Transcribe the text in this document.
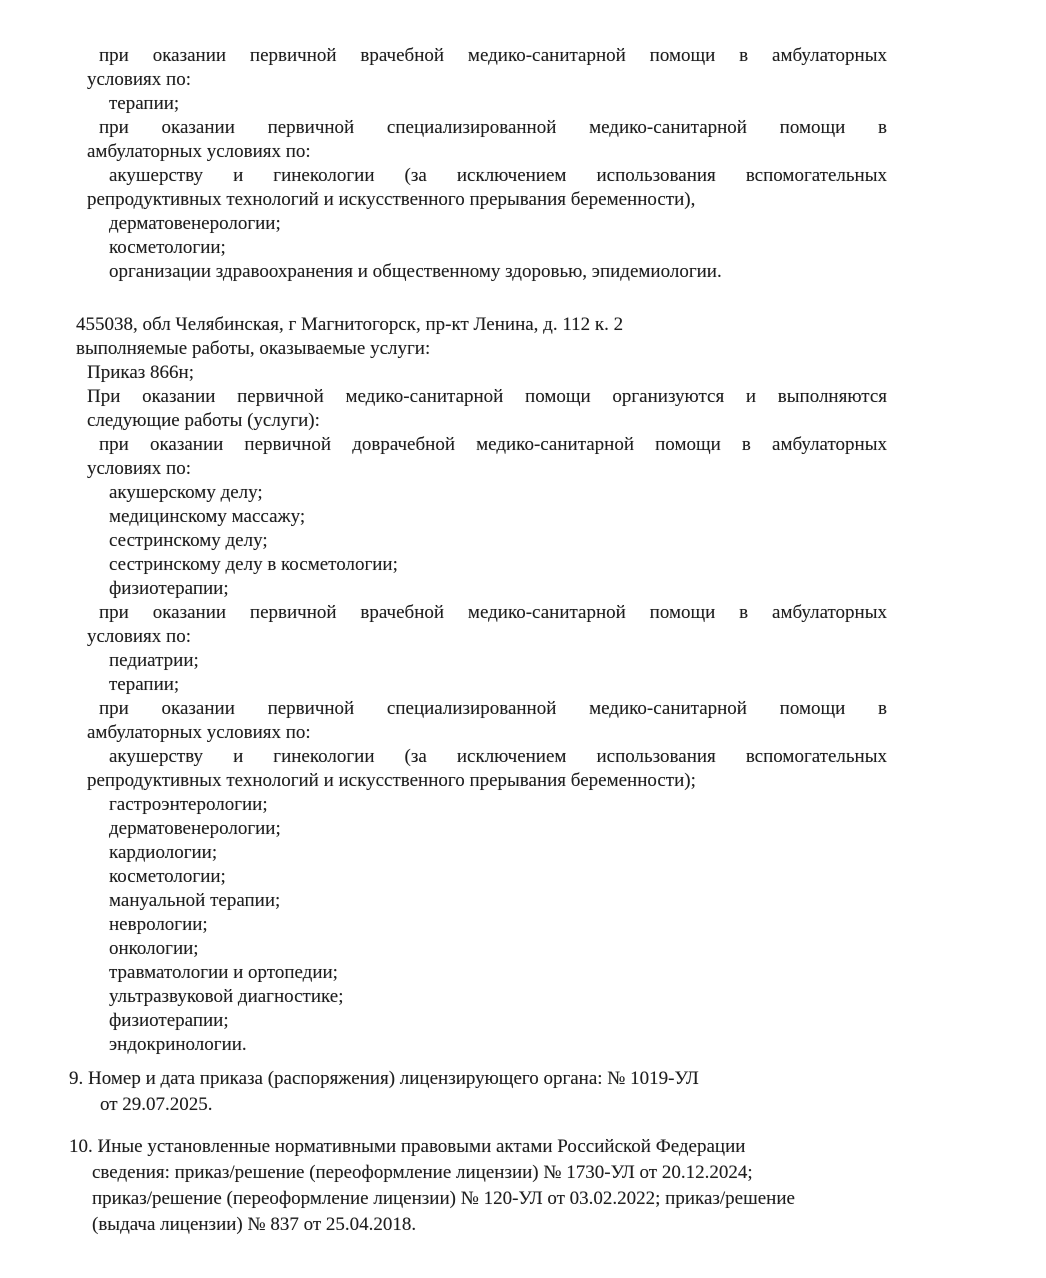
при оказании первичной врачебной медико-санитарной помощи в амбулаторных
условиях по:
терапии;
при оказании первичной специализированной медико-санитарной помощи в
амбулаторных условиях по:
акушерству и гинекологии (за исключением использования вспомогательных
репродуктивных технологий и искусственного прерывания беременности),
дерматовенерологии;
косметологии;
организации здравоохранения и общественному здоровью, эпидемиологии.
455038, обл Челябинская, г Магнитогорск, пр-кт Ленина, д. 112 к. 2
выполняемые работы, оказываемые услуги:
Приказ 866н;
При оказании первичной медико-санитарной помощи организуются и выполняются
следующие работы (услуги):
при оказании первичной доврачебной медико-санитарной помощи в амбулаторных
условиях по:
акушерскому делу;
медицинскому массажу;
сестринскому делу;
сестринскому делу в косметологии;
физиотерапии;
при оказании первичной врачебной медико-санитарной помощи в амбулаторных
условиях по:
педиатрии;
терапии;
при оказании первичной специализированной медико-санитарной помощи в
амбулаторных условиях по:
акушерству и гинекологии (за исключением использования вспомогательных
репродуктивных технологий и искусственного прерывания беременности);
гастроэнтерологии;
дерматовенерологии;
кардиологии;
косметологии;
мануальной терапии;
неврологии;
онкологии;
травматологии и ортопедии;
ультразвуковой диагностике;
физиотерапии;
эндокринологии.
9. Номер и дата приказа (распоряжения) лицензирующего органа: № 1019-УЛ
от 29.07.2025.
10. Иные установленные нормативными правовыми актами Российской Федерации
сведения: приказ/решение (переоформление лицензии) № 1730-УЛ от 20.12.2024;
приказ/решение (переоформление лицензии) № 120-УЛ от 03.02.2022; приказ/решение
(выдача лицензии) № 837 от 25.04.2018.
